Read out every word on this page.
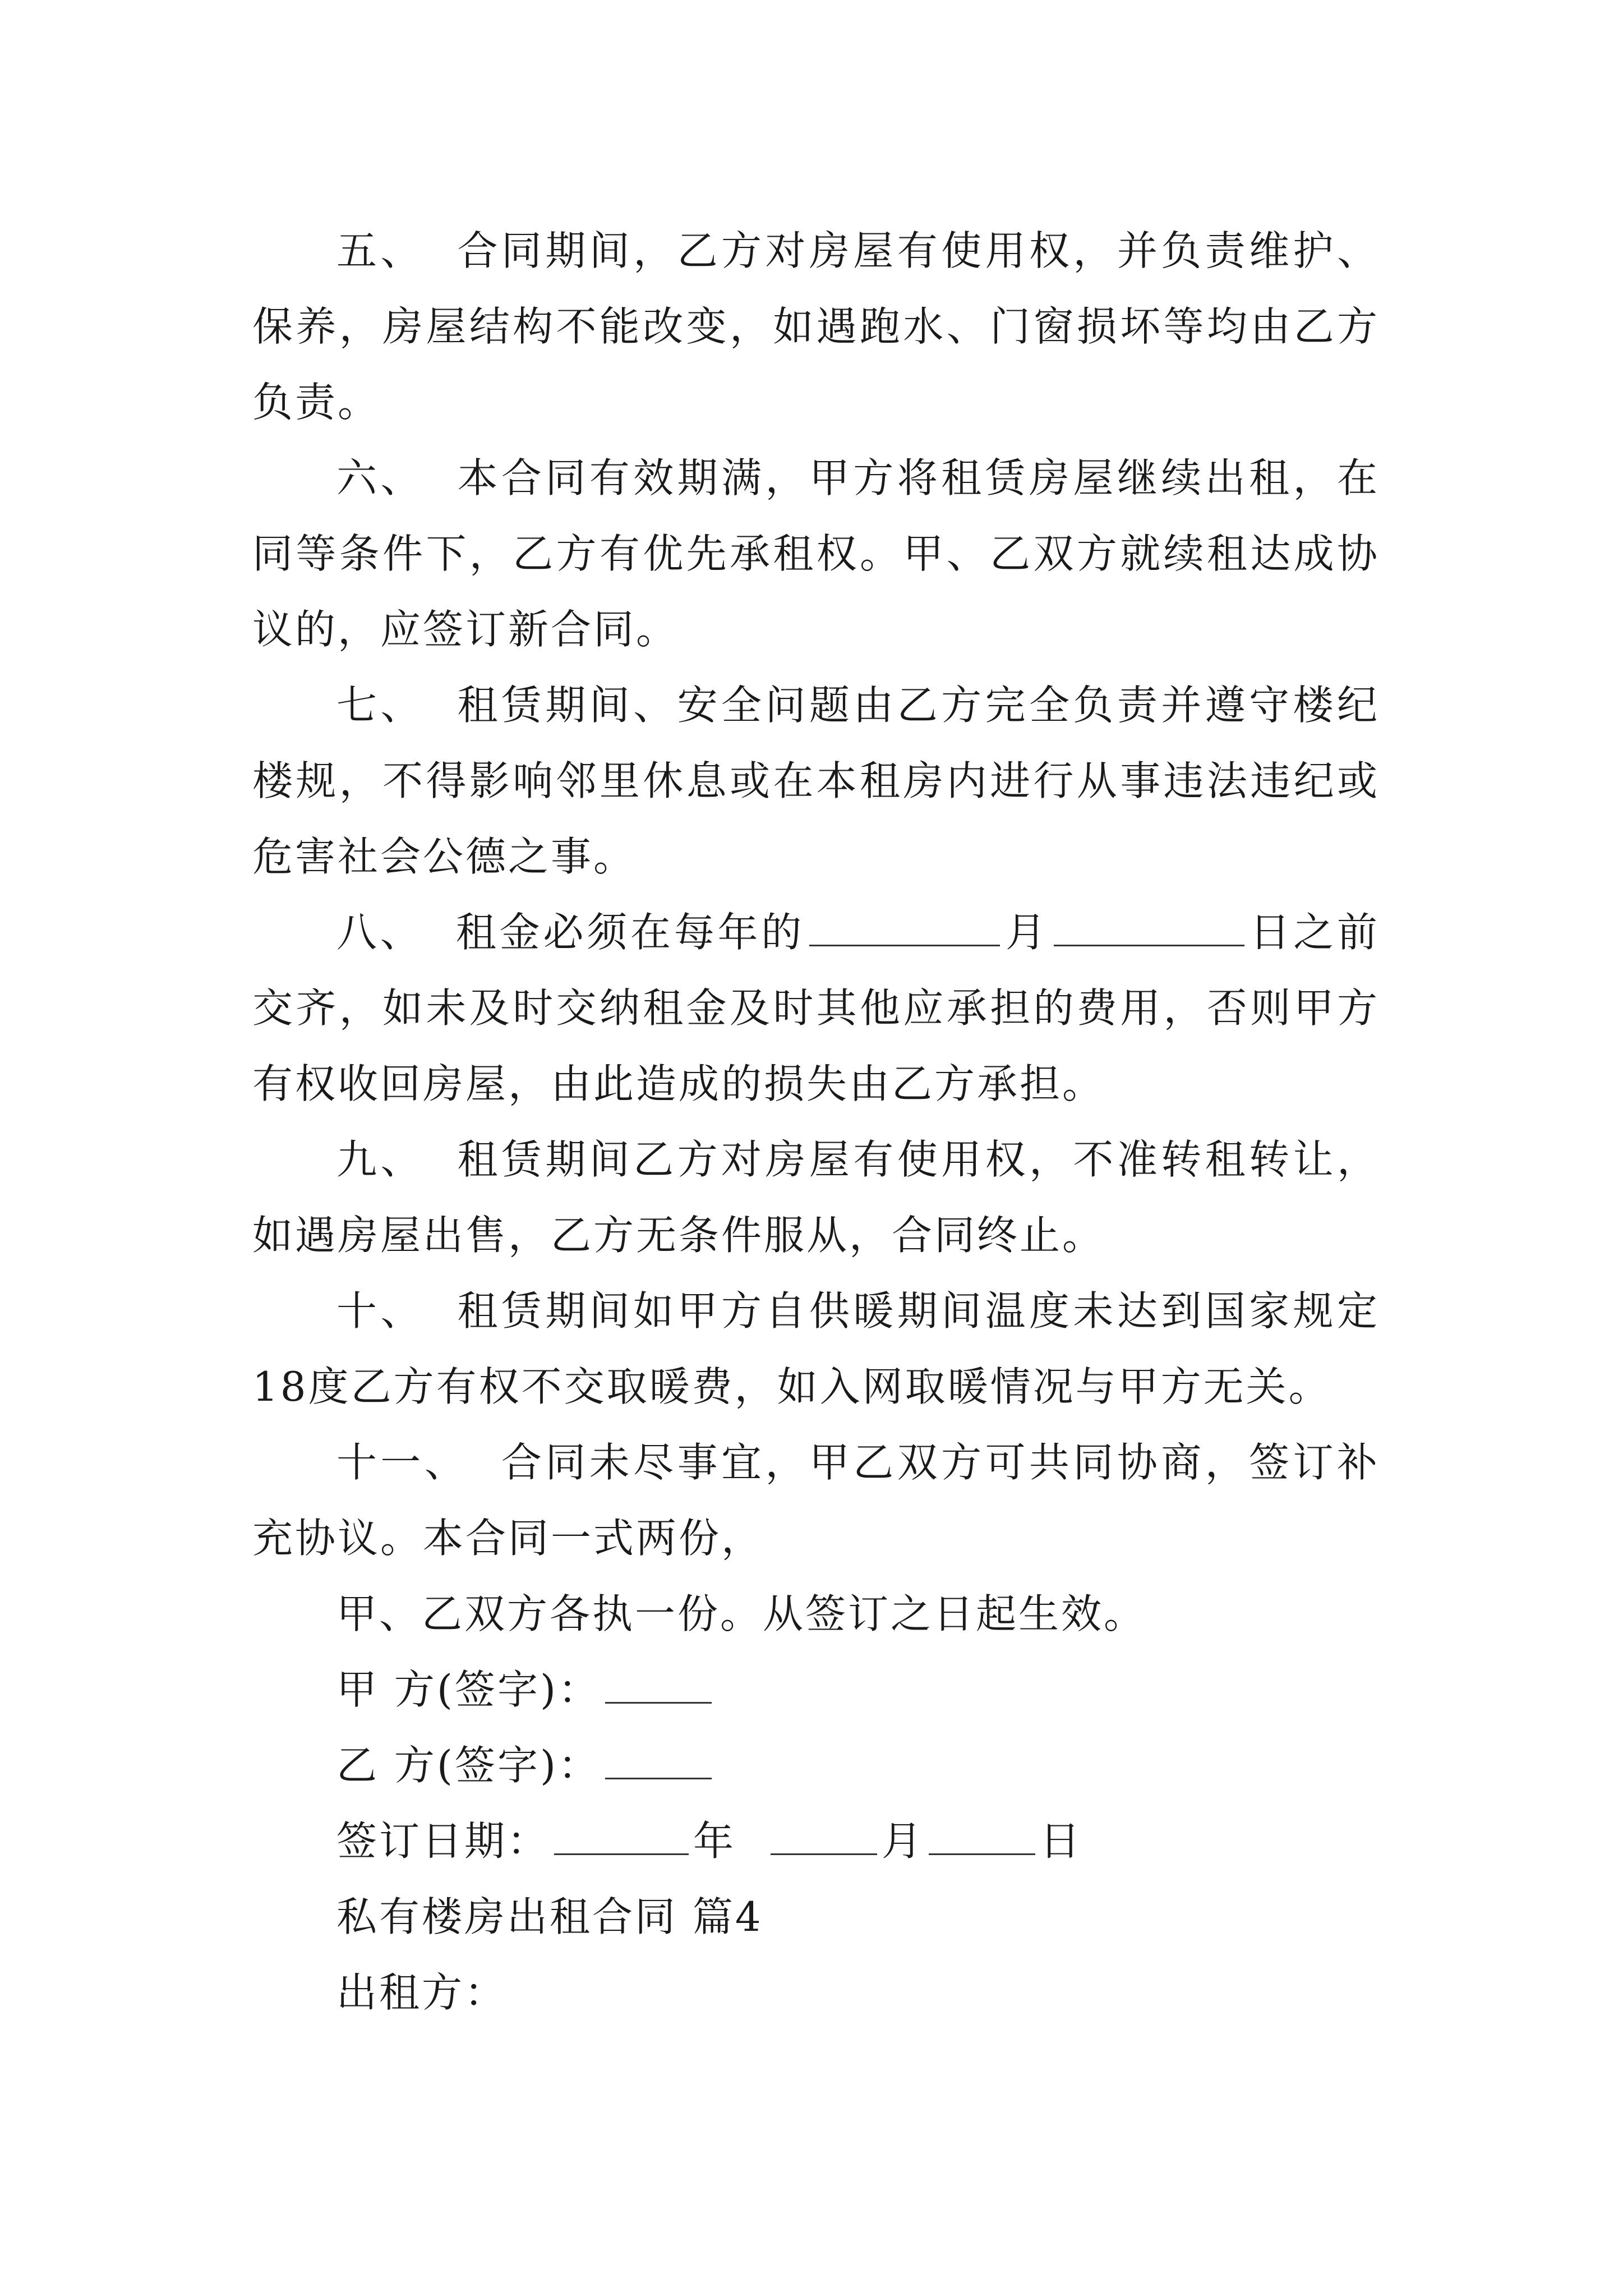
五、 合同期间，乙方对房屋有使用权，并负责维护、保养，房屋结构不能改变，如遇跑水、门窗损坏等均由乙方负责。

六、 本合同有效期满，甲方将租赁房屋继续出租，在同等条件下，乙方有优先承租权。甲、乙双方就续租达成协议的，应签订新合同。

七、 租赁期间、安全问题由乙方完全负责并遵守楼纪楼规，不得影响邻里休息或在本租房内进行从事违法违纪或危害社会公德之事。

八、 租金必须在每年的	月	日之前交齐，如未及时交纳租金及时其他应承担的费用，否则甲方有权收回房屋，由此造成的损失由乙方承担。

九、 租赁期间乙方对房屋有使用权，不准转租转让，如遇房屋出售，乙方无条件服从，合同终止。

十、 租赁期间如甲方自供暖期间温度未达到国家规定18度乙方有权不交取暖费，如入网取暖情况与甲方无关。

十一、 合同未尽事宜，甲乙双方可共同协商，签订补充协议。本合同一式两份，

甲、乙双方各执一份。从签订之日起生效。

甲 方(签字)：

乙 方(签字)：

签订日期：	年	月	日

私有楼房出租合同 篇4

出租方：
